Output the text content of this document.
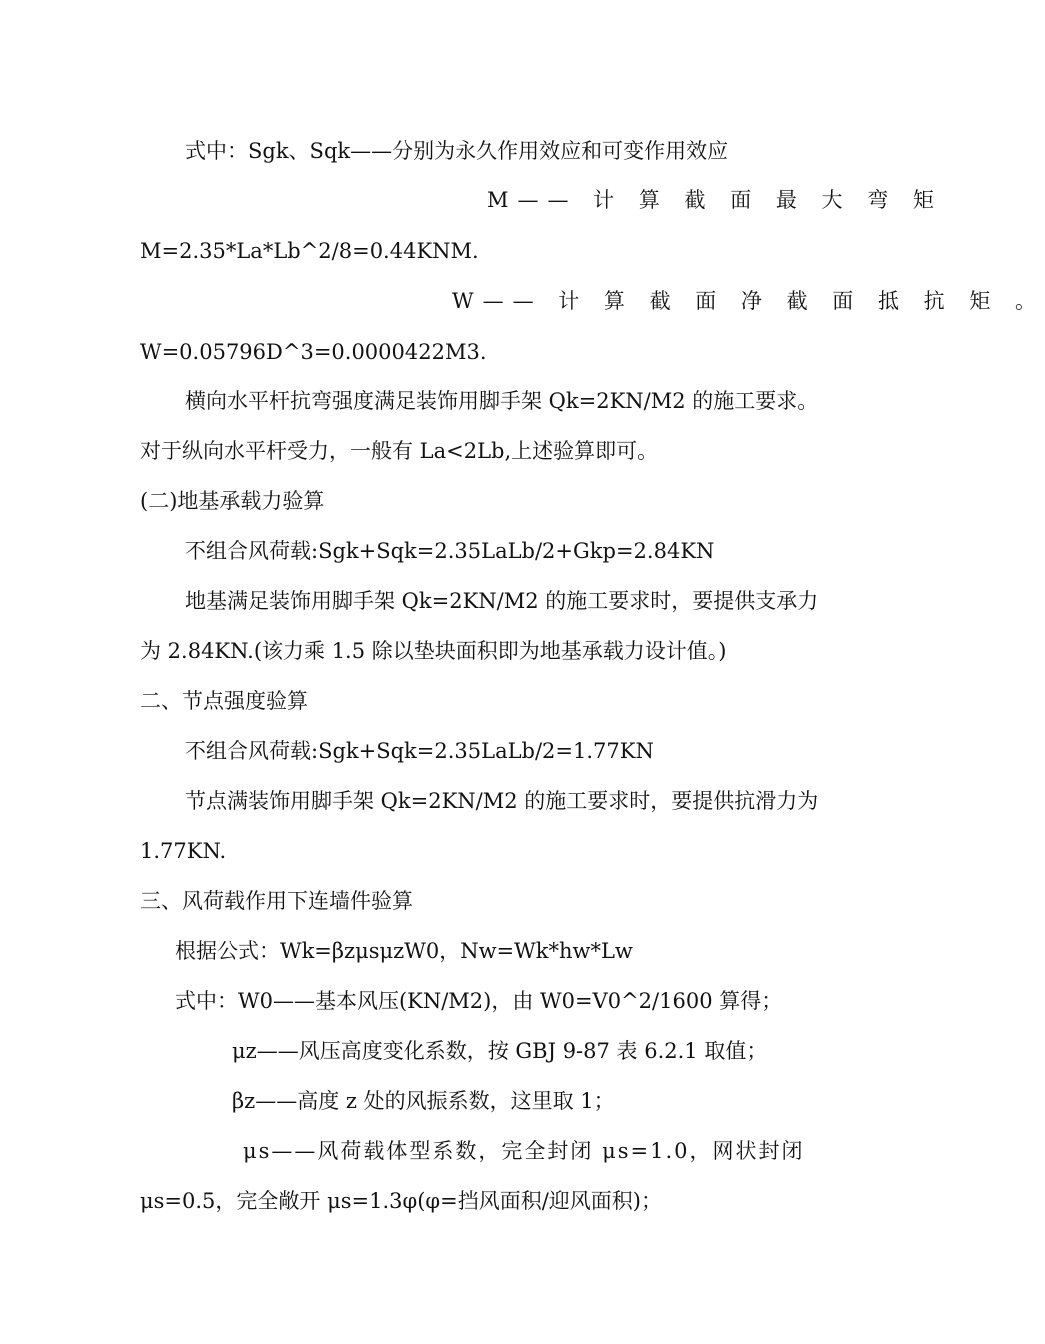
式中：Sgk、Sqk——分别为永久作用效应和可变作用效应
M—— 计 算 截 面 最 大 弯 矩
M=2.35*La*Lb^2/8=0.44KNM.
W—— 计 算 截 面 净 截 面 抵 抗 矩 。
W=0.05796D^3=0.0000422M3.
横向水平杆抗弯强度满足装饰用脚手架 Qk=2KN/M2 的施工要求。
对于纵向水平杆受力，一般有 La<2Lb,上述验算即可。
(二)地基承载力验算
不组合风荷载:Sgk+Sqk=2.35LaLb/2+Gkp=2.84KN
地基满足装饰用脚手架 Qk=2KN/M2 的施工要求时，要提供支承力
为 2.84KN.(该力乘 1.5 除以垫块面积即为地基承载力设计值。)
二、节点强度验算
不组合风荷载:Sgk+Sqk=2.35LaLb/2=1.77KN
节点满装饰用脚手架 Qk=2KN/M2 的施工要求时，要提供抗滑力为
1.77KN.
三、风荷载作用下连墙件验算
根据公式：Wk=βzμsμzW0，Nw=Wk*hw*Lw
式中：W0——基本风压(KN/M2)，由 W0=V0^2/1600 算得；
μz——风压高度变化系数，按 GBJ 9-87 表 6.2.1 取值；
βz——高度 z 处的风振系数，这里取 1；
μs——风荷载体型系数，完全封闭 μs=1.0，网状封闭
μs=0.5，完全敞开 μs=1.3φ(φ=挡风面积/迎风面积)；
